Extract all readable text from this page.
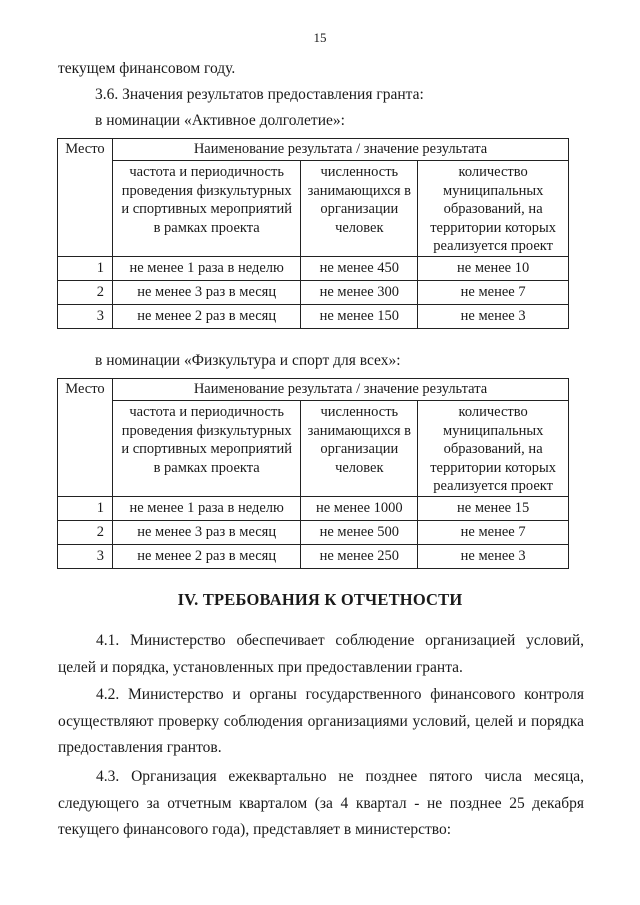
15
текущем финансовом году.
3.6. Значения результатов предоставления гранта:
в номинации «Активное долголетие»:
Место	Наименование результата / значение результата		
	частота и периодичность проведения физкультурных и спортивных мероприятий в рамках проекта	численность занимающихся в организации человек	количество муниципальных образований, на территории которых реализуется проект
1	не менее 1 раза в неделю	не менее 450	не менее 10
2	не менее 3 раз в месяц	не менее 300	не менее 7
3	не менее 2 раз в месяц	не менее 150	не менее 3
в номинации «Физкультура и спорт для всех»:
Место	Наименование результата / значение результата		
	частота и периодичность проведения физкультурных и спортивных мероприятий в рамках проекта	численность занимающихся в организации человек	количество муниципальных образований, на территории которых реализуется проект
1	не менее 1 раза в неделю	не менее 1000	не менее 15
2	не менее 3 раз в месяц	не менее 500	не менее 7
3	не менее 2 раз в месяц	не менее 250	не менее 3
IV. ТРЕБОВАНИЯ К ОТЧЕТНОСТИ
4.1. Министерство обеспечивает соблюдение организацией условий, целей и порядка, установленных при предоставлении гранта.
4.2. Министерство и органы государственного финансового контроля осуществляют проверку соблюдения организациями условий, целей и порядка предоставления грантов.
4.3. Организация ежеквартально не позднее пятого числа месяца, следующего за отчетным кварталом (за 4 квартал - не позднее 25 декабря текущего финансового года), представляет в министерство:
